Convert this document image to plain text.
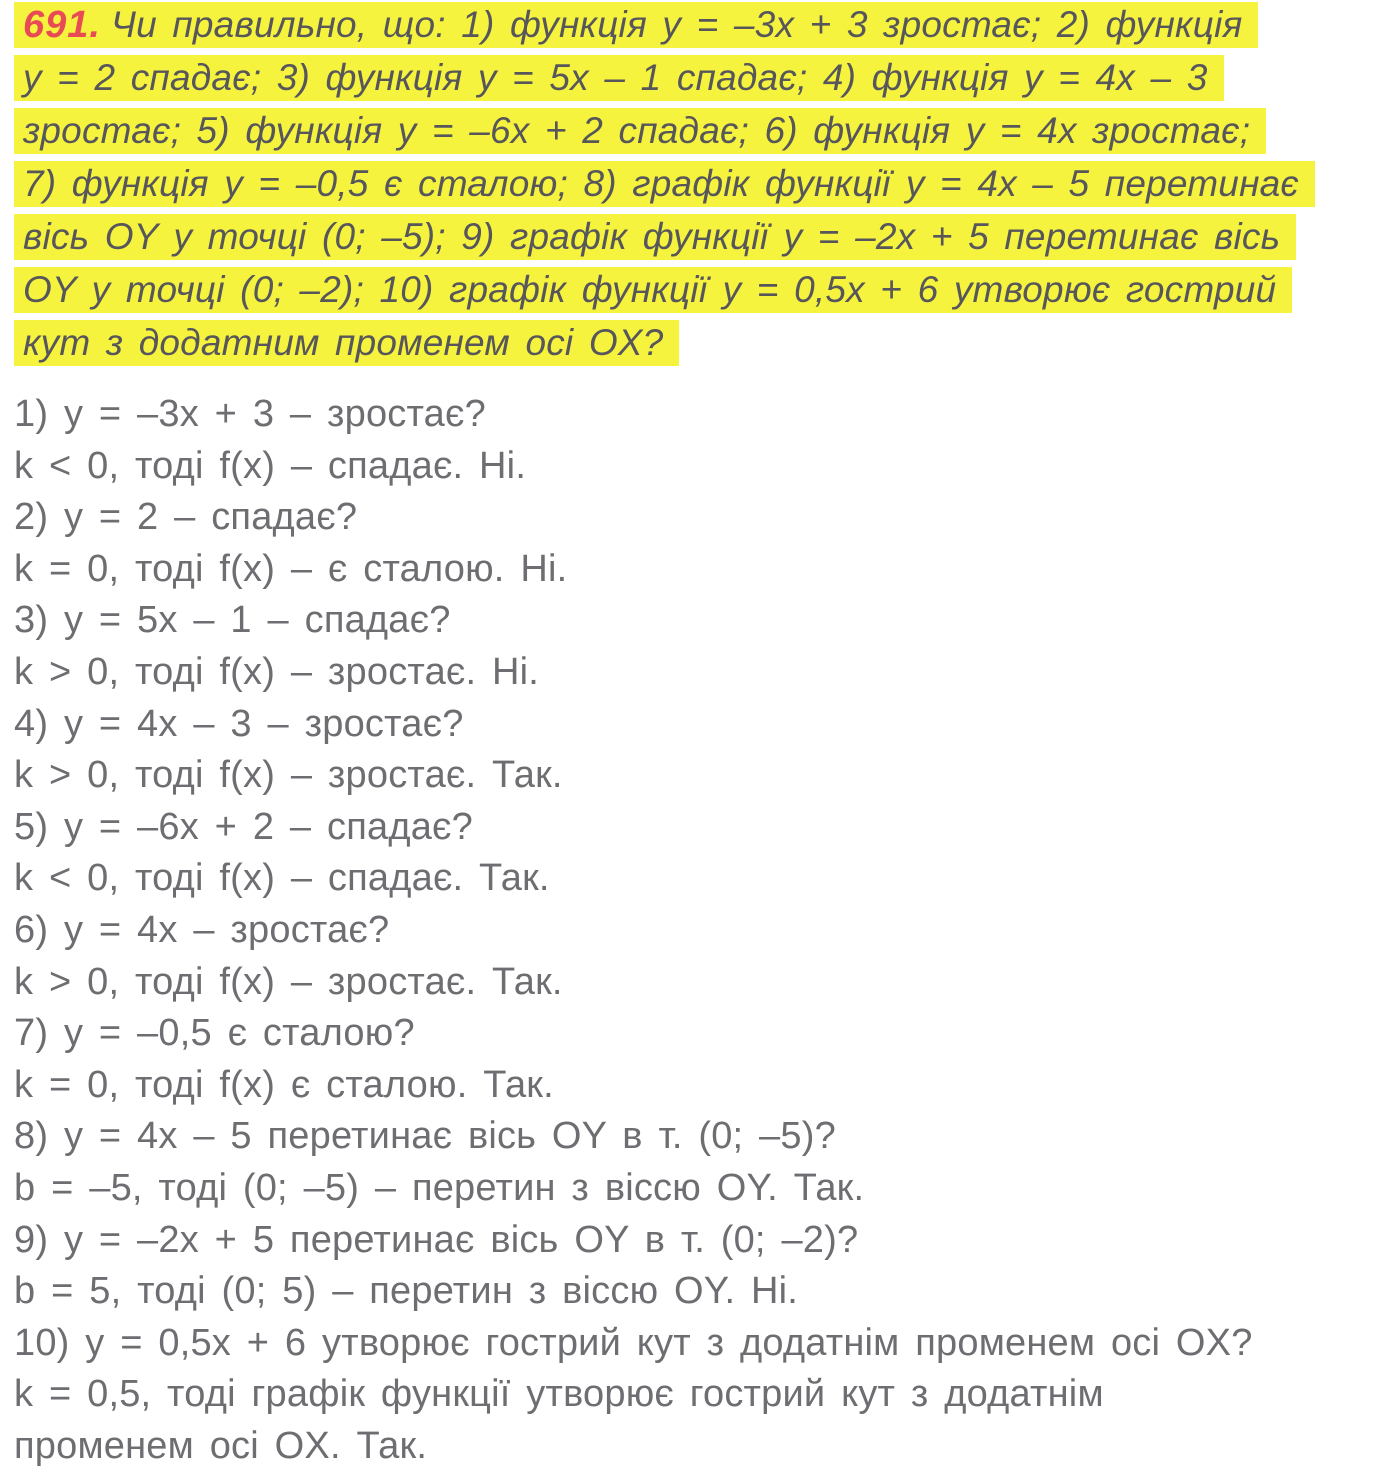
691. Чи правильно, що: 1) функція y = –3x + 3 зростає; 2) функція
y = 2 спадає; 3) функція y = 5x – 1 спадає; 4) функція y = 4x – 3
зростає; 5) функція y = –6x + 2 спадає; 6) функція y = 4x зростає;
7) функція y = –0,5 є сталою; 8) графік функції y = 4x – 5 перетинає
вісь OY у точці (0; –5); 9) графік функції y = –2x + 5 перетинає вісь
OY у точці (0; –2); 10) графік функції y = 0,5x + 6 утворює гострий
кут з додатним променем осі OX?
1) y = –3x + 3 – зростає?
k < 0, тоді f(x) – спадає. Ні.
2) y = 2 – спадає?
k = 0, тоді f(x) – є сталою. Ні.
3) y = 5x – 1 – спадає?
k > 0, тоді f(x) – зростає. Ні.
4) y = 4x – 3 – зростає?
k > 0, тоді f(x) – зростає. Так.
5) y = –6x + 2 – спадає?
k < 0, тоді f(x) – спадає. Так.
6) y = 4x – зростає?
k > 0, тоді f(x) – зростає. Так.
7) y = –0,5 є сталою?
k = 0, тоді f(x) є сталою. Так.
8) y = 4x – 5 перетинає вісь OY в т. (0; –5)?
b = –5, тоді (0; –5) – перетин з віссю OY. Так.
9) y = –2x + 5 перетинає вісь OY в т. (0; –2)?
b = 5, тоді (0; 5) – перетин з віссю OY. Ні.
10) y = 0,5x + 6 утворює гострий кут з додатнім променем осі OX?
k = 0,5, тоді графік функції утворює гострий кут з додатнім
променем осі OX. Так.
